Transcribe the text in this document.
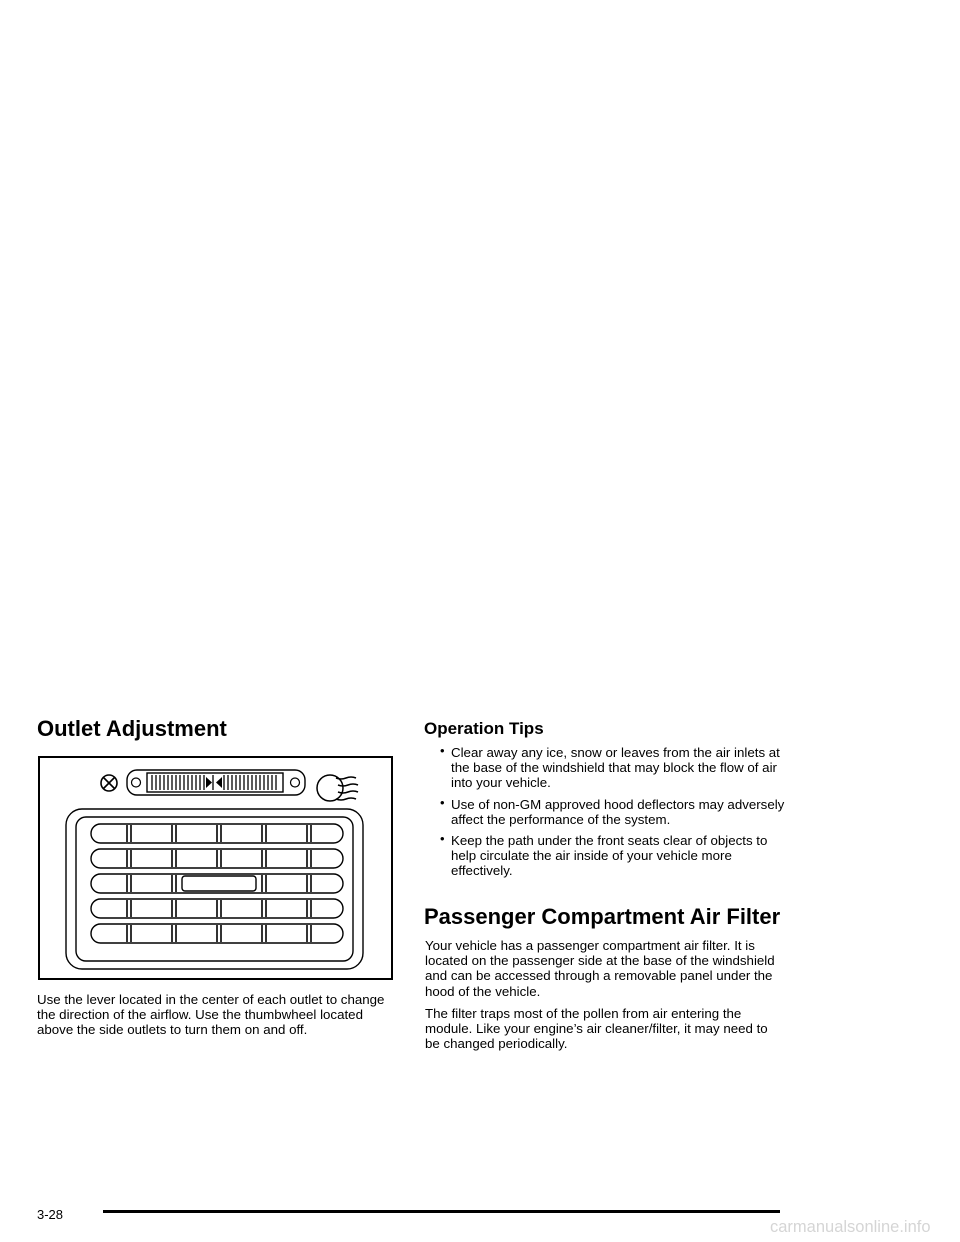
Outlet Adjustment
Use the lever located in the center of each outlet to change the direction of the airflow. Use the thumbwheel located above the side outlets to turn them on and off.
Operation Tips
• Clear away any ice, snow or leaves from the air inlets at the base of the windshield that may block the flow of air into your vehicle.
• Use of non-GM approved hood deflectors may adversely affect the performance of the system.
• Keep the path under the front seats clear of objects to help circulate the air inside of your vehicle more effectively.
Passenger Compartment Air Filter
Your vehicle has a passenger compartment air filter. It is located on the passenger side at the base of the windshield and can be accessed through a removable panel under the hood of the vehicle.
The filter traps most of the pollen from air entering the module. Like your engine’s air cleaner/filter, it may need to be changed periodically.
3-28
carmanualsonline.info
